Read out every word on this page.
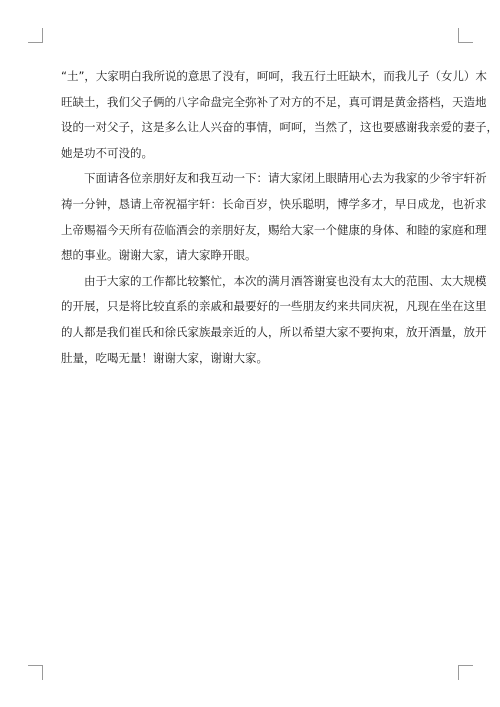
“土”，大家明白我所说的意思了没有，呵呵，我五行土旺缺木，而我儿子（女儿）木
旺缺土，我们父子俩的八字命盘完全弥补了对方的不足，真可谓是黄金搭档，天造地
设的一对父子，这是多么让人兴奋的事情，呵呵，当然了，这也要感谢我亲爱的妻子，
她是功不可没的。
下面请各位亲朋好友和我互动一下：请大家闭上眼睛用心去为我家的少爷宇轩祈
祷一分钟，恳请上帝祝福宇轩：长命百岁，快乐聪明，博学多才，早日成龙，也祈求
上帝赐福今天所有莅临酒会的亲朋好友，赐给大家一个健康的身体、和睦的家庭和理
想的事业。谢谢大家，请大家睁开眼。
由于大家的工作都比较繁忙，本次的满月酒答谢宴也没有太大的范围、太大规模
的开展，只是将比较直系的亲戚和最要好的一些朋友约来共同庆祝，凡现在坐在这里
的人都是我们崔氏和徐氏家族最亲近的人，所以希望大家不要拘束，放开酒量，放开
肚量，吃喝无量！谢谢大家，谢谢大家。
